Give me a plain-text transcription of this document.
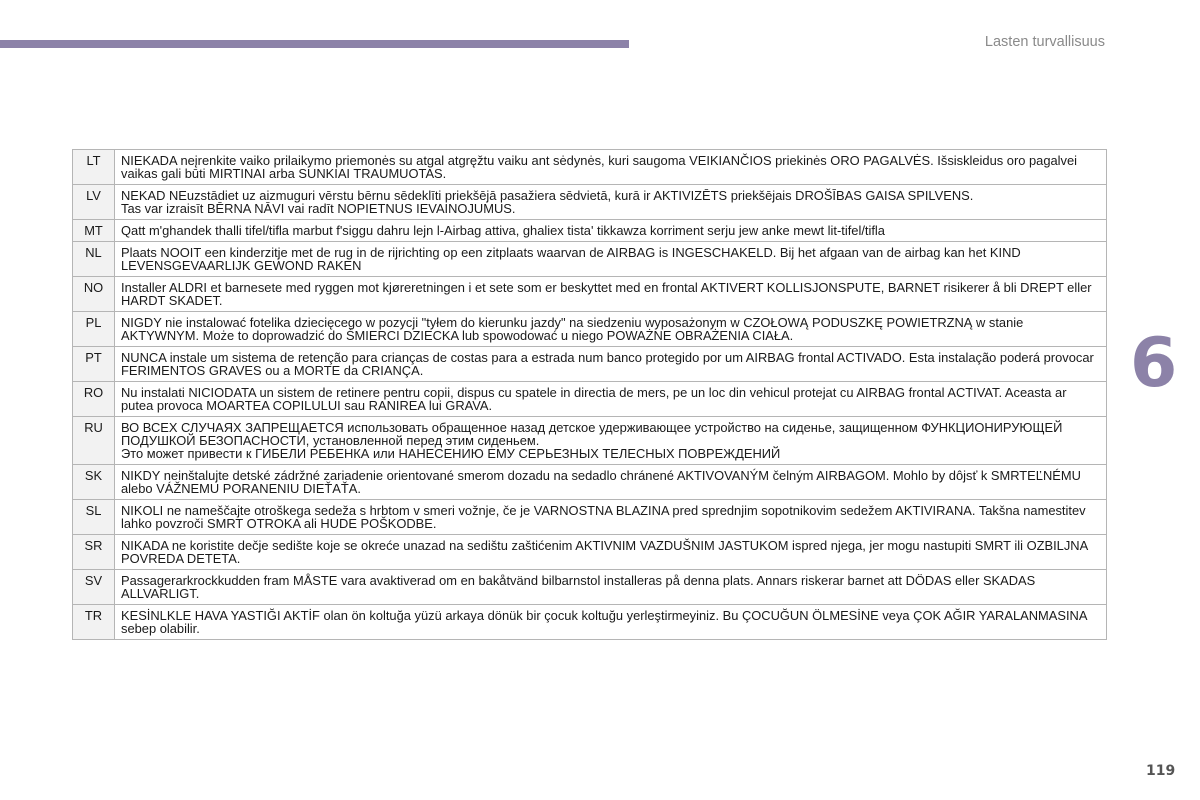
Lasten turvallisuus
6
119
LT	NIEKADA neįrenkite vaiko prilaikymo priemonės su atgal atgręžtu vaiku ant sėdynės, kuri saugoma VEIKIANČIOS priekinės ORO PAGALVĖS. Išsiskleidus oro pagalvei vaikas gali būti MIRTINAI arba SUNKIAI TRAUMUOTAS.
LV	NEKAD NEuzstādiet uz aizmuguri vērstu bērnu sēdeklīti priekšējā pasažiera sēdvietā, kurā ir AKTIVIZĒTS priekšējais DROŠĪBAS GAISA SPILVENS.
Tas var izraisīt BĒRNA NĀVI vai radīt NOPIETNUS IEVAINOJUMUS.
MT	Qatt m'ghandek thalli tifel/tifla marbut f'siggu dahru lejn l-Airbag attiva, ghaliex tista' tikkawza korriment serju jew anke mewt lit-tifel/tifla
NL	Plaats NOOIT een kinderzitje met de rug in de rijrichting op een zitplaats waarvan de AIRBAG is INGESCHAKELD. Bij het afgaan van de airbag kan het KIND LEVENSGEVAARLIJK GEWOND RAKEN
NO	Installer ALDRI et barnesete med ryggen mot kjøreretningen i et sete som er beskyttet med en frontal AKTIVERT KOLLISJONSPUTE, BARNET risikerer å bli DREPT eller HARDT SKADET.
PL	NIGDY nie instalować fotelika dziecięcego w pozycji "tyłem do kierunku jazdy" na siedzeniu wyposażonym w CZOŁOWĄ PODUSZKĘ POWIETRZNĄ w stanie AKTYWNYM. Może to doprowadzić do ŚMIERCI DZIECKA lub spowodować u niego POWAŻNE OBRAŻENIA CIAŁA.
PT	NUNCA instale um sistema de retenção para crianças de costas para a estrada num banco protegido por um AIRBAG frontal ACTIVADO. Esta instalação poderá provocar FERIMENTOS GRAVES ou a MORTE da CRIANÇA.
RO	Nu instalati NICIODATA un sistem de retinere pentru copii, dispus cu spatele in directia de mers, pe un loc din vehicul protejat cu AIRBAG frontal ACTIVAT. Aceasta ar putea provoca MOARTEA COPILULUI sau RANIREA lui GRAVA.
RU	ВО ВСЕХ СЛУЧАЯХ ЗАПРЕЩАЕТСЯ использовать обращенное назад детское удерживающее устройство на сиденье, защищенном ФУНКЦИОНИРУЮЩЕЙ ПОДУШКОЙ БЕЗОПАСНОСТИ, установленной перед этим сиденьем.
Это может привести к ГИБЕЛИ РЕБЕНКА или НАНЕСЕНИЮ ЕМУ СЕРЬЕЗНЫХ ТЕЛЕСНЫХ ПОВРЕЖДЕНИЙ
SK	NIKDY neinštalujte detské zádržné zariadenie orientované smerom dozadu na sedadlo chránené AKTIVOVANÝM čelným AIRBAGOM. Mohlo by dôjsť k SMRTEĽNÉMU alebo VÁŽNEMU PORANENIU DIEŤAŤA.
SL	NIKOLI ne nameščajte otroškega sedeža s hrbtom v smeri vožnje, če je VARNOSTNA BLAZINA pred sprednjim sopotnikovim sedežem AKTIVIRANA. Takšna namestitev lahko povzroči SMRT OTROKA ali HUDE POŠKODBE.
SR	NIKADA ne koristite dečje sedište koje se okreće unazad na sedištu zaštićenim AKTIVNIM VAZDUŠNIM JASTUKOM ispred njega, jer mogu nastupiti SMRT ili OZBILJNA POVREDA DETETA.
SV	Passagerarkrockkudden fram MÅSTE vara avaktiverad om en bakåtvänd bilbarnstol installeras på denna plats. Annars riskerar barnet att DÖDAS eller SKADAS ALLVARLIGT.
TR	KESİNLKLE HAVA YASTIĞI AKTİF olan ön koltuğa yüzü arkaya dönük bir çocuk koltuğu yerleştirmeyiniz. Bu ÇOCUĞUN ÖLMESİNE veya ÇOK AĞIR YARALANMASINA sebep olabilir.
